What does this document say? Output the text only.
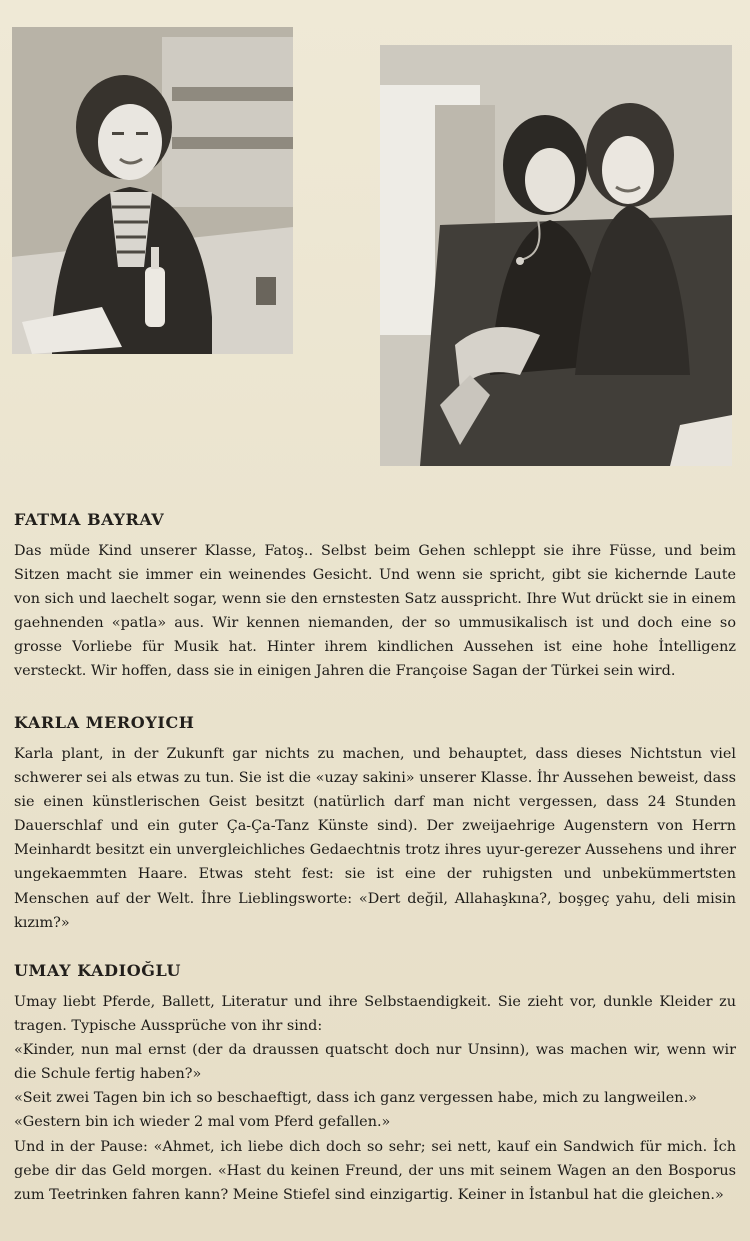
FATMA BAYRAV

Das müde Kind unserer Klasse, Fatoş.. Selbst beim Gehen schleppt sie ihre Füsse, und beim Sitzen macht sie immer ein weinendes Gesicht. Und wenn sie spricht, gibt sie kichernde Laute von sich und laechelt sogar, wenn sie den ernstesten Satz ausspricht. Ihre Wut drückt sie in einem gaehnenden «patla» aus. Wir kennen niemanden, der so ummusikalisch ist und doch eine so grosse Vorliebe für Musik hat. Hinter ihrem kindlichen Aussehen ist eine hohe İntelligenz versteckt. Wir hoffen, dass sie in einigen Jahren die Françoise Sagan der Türkei sein wird.

KARLA MEROYICH

Karla plant, in der Zukunft gar nichts zu machen, und behauptet, dass dieses Nichtstun viel schwerer sei als etwas zu tun. Sie ist die «uzay sakini» unserer Klasse. İhr Aussehen beweist, dass sie einen künstlerischen Geist besitzt (natürlich darf man nicht vergessen, dass 24 Stunden Dauerschlaf und ein guter Ça-Ça-Tanz Künste sind). Der zweijaehrige Augenstern von Herrn Meinhardt besitzt ein unvergleichliches Gedaechtnis trotz ihres uyur-gerezer Aussehens und ihrer ungekaemmten Haare. Etwas steht fest: sie ist eine der ruhigsten und unbekümmertsten Menschen auf der Welt. İhre Lieblingsworte: «Dert değil, Allahaşkına?, boşgeç yahu, deli misin kızım?»

UMAY KADIOĞLU

Umay liebt Pferde, Ballett, Literatur und ihre Selbstaendigkeit. Sie zieht vor, dunkle Kleider zu tragen. Typische Aussprüche von ihr sind:

«Kinder, nun mal ernst (der da draussen quatscht doch nur Unsinn), was machen wir, wenn wir die Schule fertig haben?»

«Seit zwei Tagen bin ich so beschaeftigt, dass ich ganz vergessen habe, mich zu langweilen.»

«Gestern bin ich wieder 2 mal vom Pferd gefallen.»

Und in der Pause: «Ahmet, ich liebe dich doch so sehr; sei nett, kauf ein Sandwich für mich. İch gebe dir das Geld morgen. «Hast du keinen Freund, der uns mit seinem Wagen an den Bosporus zum Teetrinken fahren kann? Meine Stiefel sind einzigartig. Keiner in İstanbul hat die gleichen.»
